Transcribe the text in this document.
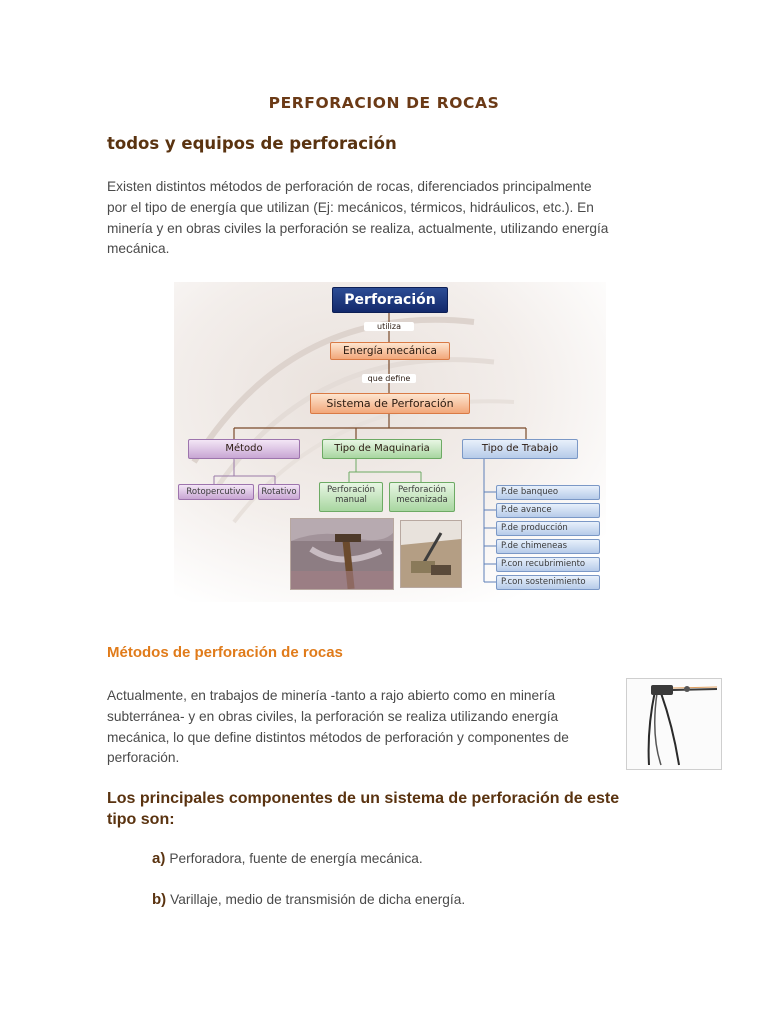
PERFORACION DE ROCAS
todos y equipos de perforación
Existen distintos métodos de perforación de rocas, diferenciados principalmente
por el tipo de energía que utilizan (Ej: mecánicos, térmicos, hidráulicos, etc.). En
minería y en obras civiles la perforación se realiza, actualmente, utilizando energía
mecánica.
Perforación
utiliza
Energía mecánica
que define
Sistema de Perforación
Método	Tipo de Maquinaria	Tipo de Trabajo
Rotopercutivo	Rotativo	Perforación manual
Perforación mecanizada
P.de banqueo
P.de avance
P.de producción
P.de chimeneas
P.con recubrimiento
P.con sostenimiento
Métodos de perforación de rocas
Actualmente, en trabajos de minería -tanto a rajo abierto como en minería
subterránea- y en obras civiles, la perforación se realiza utilizando energía
mecánica, lo que define distintos métodos de perforación y componentes de
perforación.
Los principales componentes de un sistema de perforación de este
tipo son:
a) Perforadora, fuente de energía mecánica.
b) Varillaje, medio de transmisión de dicha energía.
